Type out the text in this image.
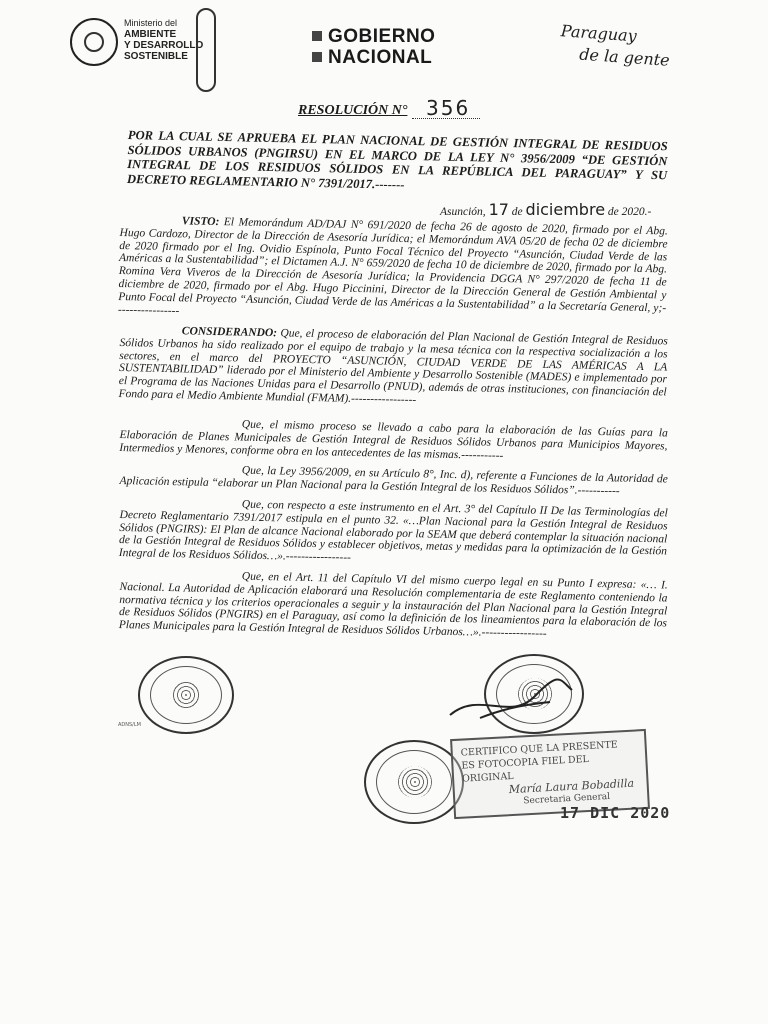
Ministerio del
AMBIENTE
Y DESARROLLO
SOSTENIBLE
GOBIERNO
NACIONAL
Paraguay
de la gente
RESOLUCIÓN N° 356
POR LA CUAL SE APRUEBA EL PLAN NACIONAL DE GESTIÓN INTEGRAL DE RESIDUOS SÓLIDOS URBANOS (PNGIRSU) EN EL MARCO DE LA LEY N° 3956/2009 “DE GESTIÓN INTEGRAL DE LOS RESIDUOS SÓLIDOS EN LA REPÚBLICA DEL PARAGUAY” Y SU DECRETO REGLAMENTARIO N° 7391/2017.-------
Asunción, 17 de diciembre de 2020.-
VISTO: El Memorándum AD/DAJ N° 691/2020 de fecha 26 de agosto de 2020, firmado por el Abg. Hugo Cardozo, Director de la Dirección de Asesoría Jurídica; el Memorándum AVA 05/20 de fecha 02 de diciembre de 2020 firmado por el Ing. Ovidio Espínola, Punto Focal Técnico del Proyecto “Asunción, Ciudad Verde de las Américas a la Sustentabilidad”; el Dictamen A.J. N° 659/2020 de fecha 10 de diciembre de 2020, firmado por la Abg. Romina Vera Viveros de la Dirección de Asesoría Jurídica; la Providencia DGGA N° 297/2020 de fecha 11 de diciembre de 2020, firmado por el Abg. Hugo Piccinini, Director de la Dirección General de Gestión Ambiental y Punto Focal del Proyecto “Asunción, Ciudad Verde de las Américas a la Sustentabilidad” a la Secretaría General, y;-----------------
CONSIDERANDO: Que, el proceso de elaboración del Plan Nacional de Gestión Integral de Residuos Sólidos Urbanos ha sido realizado por el equipo de trabajo y la mesa técnica con la respectiva socialización a los sectores, en el marco del PROYECTO “ASUNCIÓN, CIUDAD VERDE DE LAS AMÉRICAS A LA SUSTENTABILIDAD” liderado por el Ministerio del Ambiente y Desarrollo Sostenible (MADES) e implementado por el Programa de las Naciones Unidas para el Desarrollo (PNUD), además de otras instituciones, con financiación del Fondo para el Medio Ambiente Mundial (FMAM).-----------------
Que, el mismo proceso se llevado a cabo para la elaboración de las Guías para la Elaboración de Planes Municipales de Gestión Integral de Residuos Sólidos Urbanos para Municipios Mayores, Intermedios y Menores, conforme obra en los antecedentes de las mismas.-----------
Que, la Ley 3956/2009, en su Artículo 8°, Inc. d), referente a Funciones de la Autoridad de Aplicación estipula “elaborar un Plan Nacional para la Gestión Integral de los Residuos Sólidos”.-----------
Que, con respecto a este instrumento en el Art. 3° del Capítulo II De las Terminologías del Decreto Reglamentario 7391/2017 estipula en el punto 32. «…Plan Nacional para la Gestión Integral de Residuos Sólidos (PNGIRS): El Plan de alcance Nacional elaborado por la SEAM que deberá contemplar la situación nacional de la Gestión Integral de Residuos Sólidos y establecer objetivos, metas y medidas para la optimización de la Gestión Integral de los Residuos Sólidos…».-----------------
Que, en el Art. 11 del Capítulo VI del mismo cuerpo legal en su Punto I expresa: «… I. Nacional. La Autoridad de Aplicación elaborará una Resolución complementaria de este Reglamento conteniendo la normativa técnica y los criterios operacionales a seguir y la instauración del Plan Nacional para la Gestión Integral de Residuos Sólidos (PNGIRS) en el Paraguay, así como la definición de los lineamientos para la elaboración de los Planes Municipales para la Gestión Integral de Residuos Sólidos Urbanos…».-----------------
ADNS/LM
CERTIFICO QUE LA PRESENTE
ES FOTOCOPIA FIEL DEL ORIGINAL
María Laura Bobadilla
Secretaria General
17 DIC 2020
